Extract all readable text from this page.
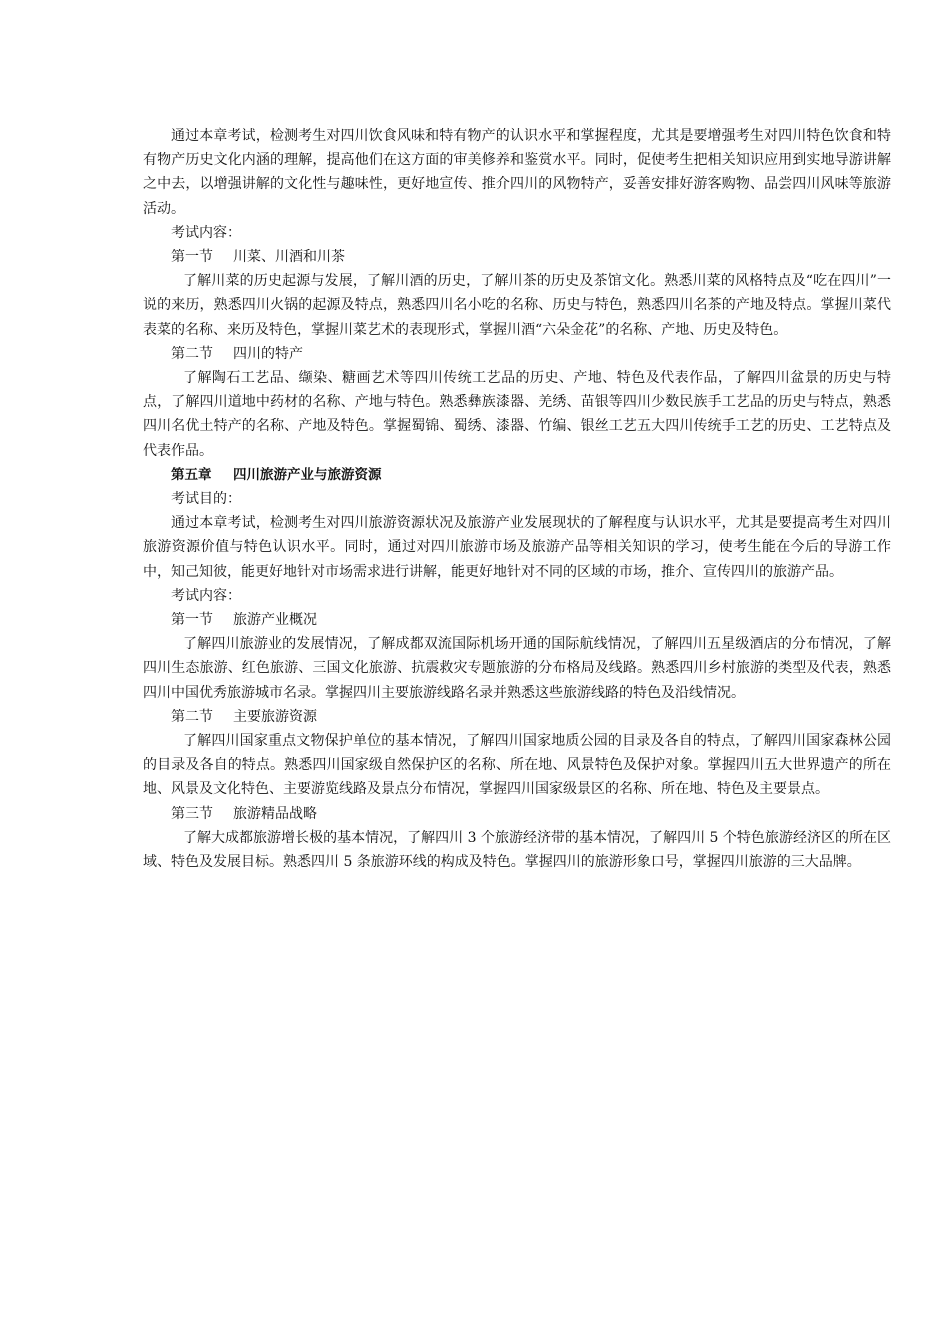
通过本章考试，检测考生对四川饮食风味和特有物产的认识水平和掌握程度，尤其是要增强考生对四川特色饮食和特有物产历史文化内涵的理解，提高他们在这方面的审美修养和鉴赏水平。同时，促使考生把相关知识应用到实地导游讲解之中去，以增强讲解的文化性与趣味性，更好地宣传、推介四川的风物特产，妥善安排好游客购物、品尝四川风味等旅游活动。

考试内容：

第一节 川菜、川酒和川茶

了解川菜的历史起源与发展，了解川酒的历史，了解川茶的历史及茶馆文化。熟悉川菜的风格特点及“吃在四川”一说的来历，熟悉四川火锅的起源及特点，熟悉四川名小吃的名称、历史与特色，熟悉四川名茶的产地及特点。掌握川菜代表菜的名称、来历及特色，掌握川菜艺术的表现形式，掌握川酒“六朵金花”的名称、产地、历史及特色。

第二节 四川的特产

了解陶石工艺品、缬染、糖画艺术等四川传统工艺品的历史、产地、特色及代表作品，了解四川盆景的历史与特点，了解四川道地中药材的名称、产地与特色。熟悉彝族漆器、羌绣、苗银等四川少数民族手工艺品的历史与特点，熟悉四川名优土特产的名称、产地及特色。掌握蜀锦、蜀绣、漆器、竹编、银丝工艺五大四川传统手工艺的历史、工艺特点及代表作品。

第五章 四川旅游产业与旅游资源

考试目的：

通过本章考试，检测考生对四川旅游资源状况及旅游产业发展现状的了解程度与认识水平，尤其是要提高考生对四川旅游资源价值与特色认识水平。同时，通过对四川旅游市场及旅游产品等相关知识的学习，使考生能在今后的导游工作中，知己知彼，能更好地针对市场需求进行讲解，能更好地针对不同的区域的市场，推介、宣传四川的旅游产品。

考试内容：

第一节 旅游产业概况

了解四川旅游业的发展情况，了解成都双流国际机场开通的国际航线情况，了解四川五星级酒店的分布情况，了解四川生态旅游、红色旅游、三国文化旅游、抗震救灾专题旅游的分布格局及线路。熟悉四川乡村旅游的类型及代表，熟悉四川中国优秀旅游城市名录。掌握四川主要旅游线路名录并熟悉这些旅游线路的特色及沿线情况。

第二节 主要旅游资源

了解四川国家重点文物保护单位的基本情况，了解四川国家地质公园的目录及各自的特点，了解四川国家森林公园的目录及各自的特点。熟悉四川国家级自然保护区的名称、所在地、风景特色及保护对象。掌握四川五大世界遗产的所在地、风景及文化特色、主要游览线路及景点分布情况，掌握四川国家级景区的名称、所在地、特色及主要景点。

第三节 旅游精品战略

了解大成都旅游增长极的基本情况，了解四川 3 个旅游经济带的基本情况，了解四川 5 个特色旅游经济区的所在区域、特色及发展目标。熟悉四川 5 条旅游环线的构成及特色。掌握四川的旅游形象口号，掌握四川旅游的三大品牌。
